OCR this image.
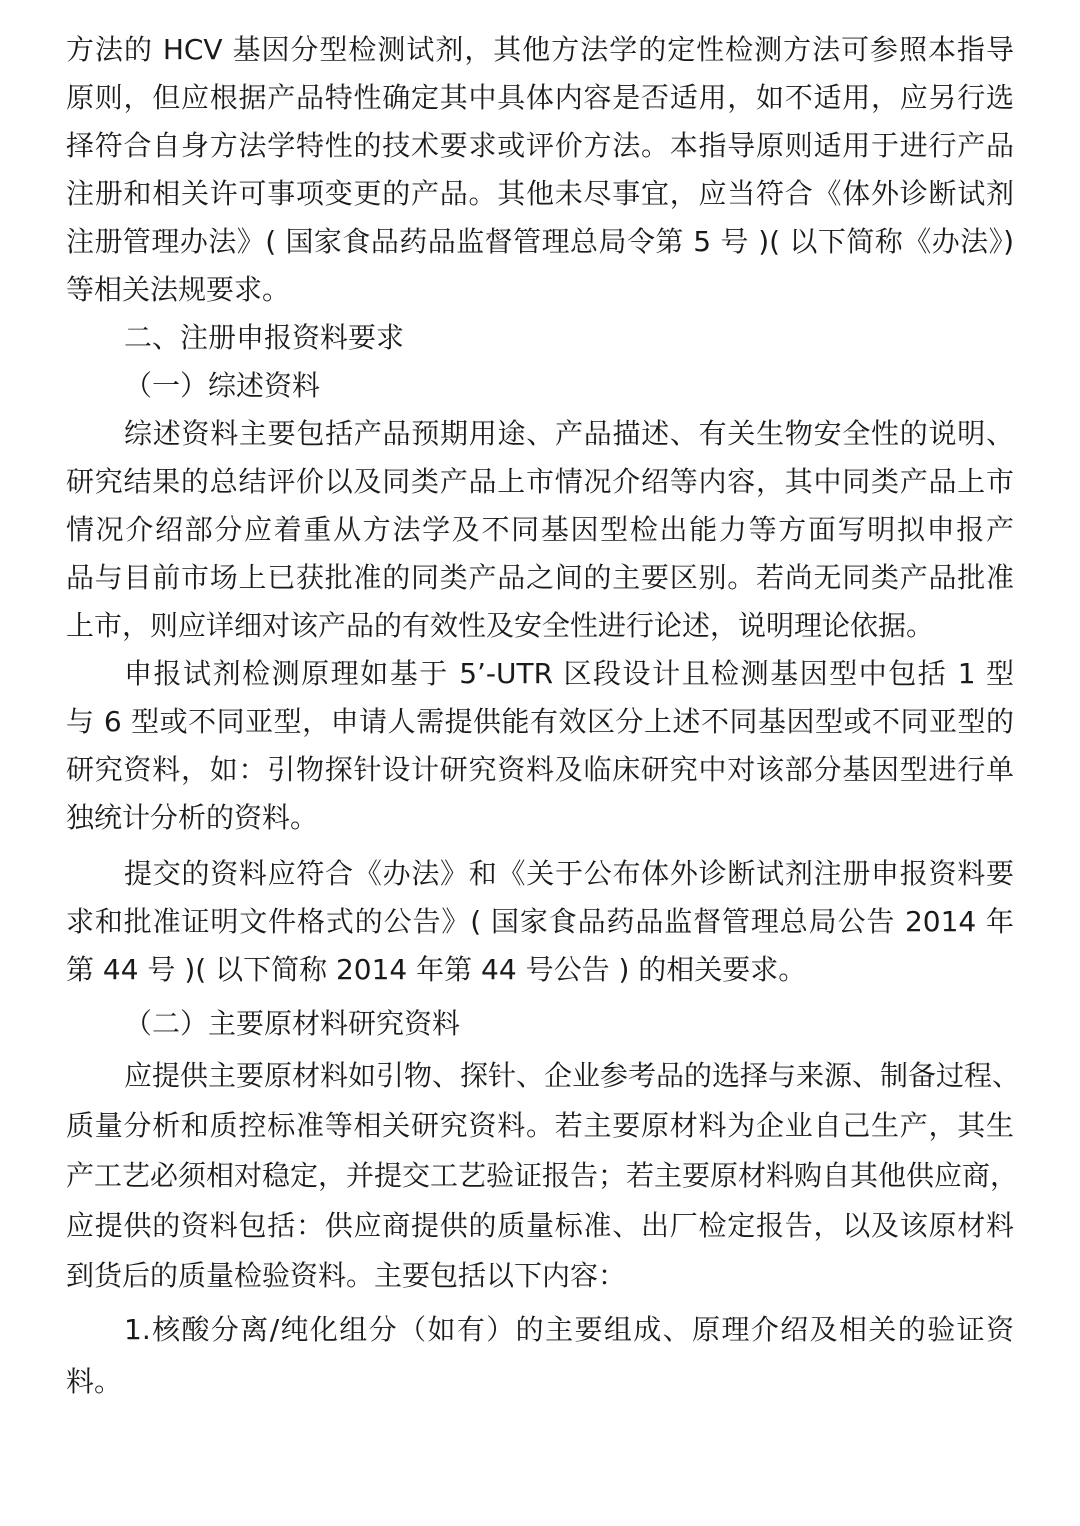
方法的 HCV 基因分型检测试剂，其他方法学的定性检测方法可参照本指导
原则，但应根据产品特性确定其中具体内容是否适用，如不适用，应另行选
择符合自身方法学特性的技术要求或评价方法。本指导原则适用于进行产品
注册和相关许可事项变更的产品。其他未尽事宜，应当符合《体外诊断试剂
注册管理办法》( 国家食品药品监督管理总局令第 5 号 )( 以下简称《办法》)
等相关法规要求。
二、注册申报资料要求
（一）综述资料
综述资料主要包括产品预期用途、产品描述、有关生物安全性的说明、
研究结果的总结评价以及同类产品上市情况介绍等内容，其中同类产品上市
情况介绍部分应着重从方法学及不同基因型检出能力等方面写明拟申报产
品与目前市场上已获批准的同类产品之间的主要区别。若尚无同类产品批准
上市，则应详细对该产品的有效性及安全性进行论述，说明理论依据。
申报试剂检测原理如基于 5’-UTR 区段设计且检测基因型中包括 1 型
与 6 型或不同亚型，申请人需提供能有效区分上述不同基因型或不同亚型的
研究资料，如：引物探针设计研究资料及临床研究中对该部分基因型进行单
独统计分析的资料。
提交的资料应符合《办法》和《关于公布体外诊断试剂注册申报资料要
求和批准证明文件格式的公告》( 国家食品药品监督管理总局公告 2014 年
第 44 号 )( 以下简称 2014 年第 44 号公告 ) 的相关要求。
（二）主要原材料研究资料
应提供主要原材料如引物、探针、企业参考品的选择与来源、制备过程、
质量分析和质控标准等相关研究资料。若主要原材料为企业自己生产，其生
产工艺必须相对稳定，并提交工艺验证报告；若主要原材料购自其他供应商，
应提供的资料包括：供应商提供的质量标准、出厂检定报告，以及该原材料
到货后的质量检验资料。主要包括以下内容：
1.核酸分离/纯化组分（如有）的主要组成、原理介绍及相关的验证资
料。
